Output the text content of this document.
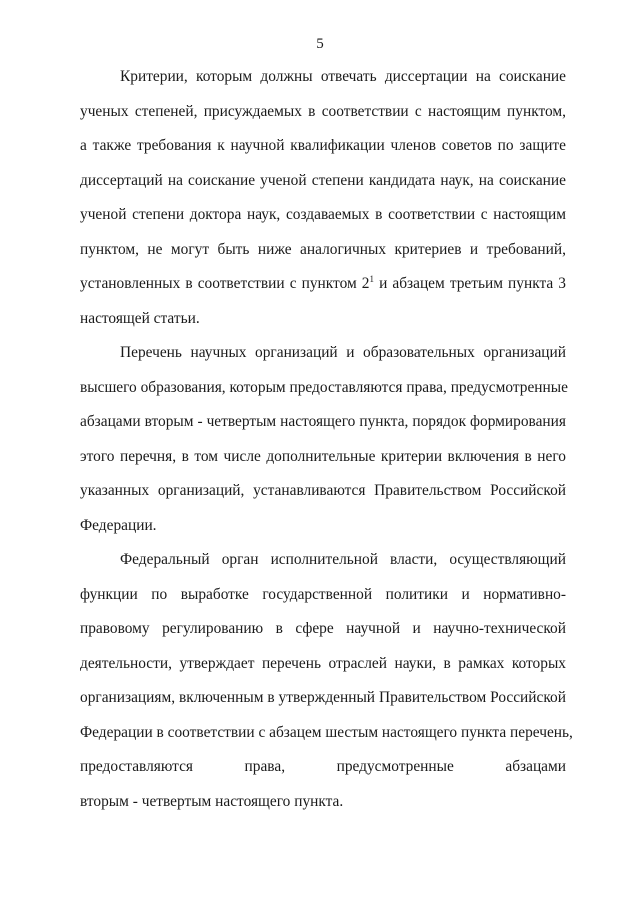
5
Критерии, которым должны отвечать диссертации на соискание
ученых степеней, присуждаемых в соответствии с настоящим пунктом,
а также требования к научной квалификации членов советов по защите
диссертаций на соискание ученой степени кандидата наук, на соискание
ученой степени доктора наук, создаваемых в соответствии с настоящим
пунктом, не могут быть ниже аналогичных критериев и требований,
установленных в соответствии с пунктом $2^1$ и абзацем третьим пункта 3
настоящей статьи.
Перечень научных организаций и образовательных организаций
высшего образования, которым предоставляются права, предусмотренные
абзацами вторым - четвертым настоящего пункта, порядок формирования
этого перечня, в том числе дополнительные критерии включения в него
указанных организаций, устанавливаются Правительством Российской
Федерации.
Федеральный орган исполнительной власти, осуществляющий
функции по выработке государственной политики и нормативно-
правовому регулированию в сфере научной и научно-технической
деятельности, утверждает перечень отраслей науки, в рамках которых
организациям, включенным в утвержденный Правительством Российской
Федерации в соответствии с абзацем шестым настоящего пункта перечень,
предоставляются права, предусмотренные абзацами
вторым - четвертым настоящего пункта.
